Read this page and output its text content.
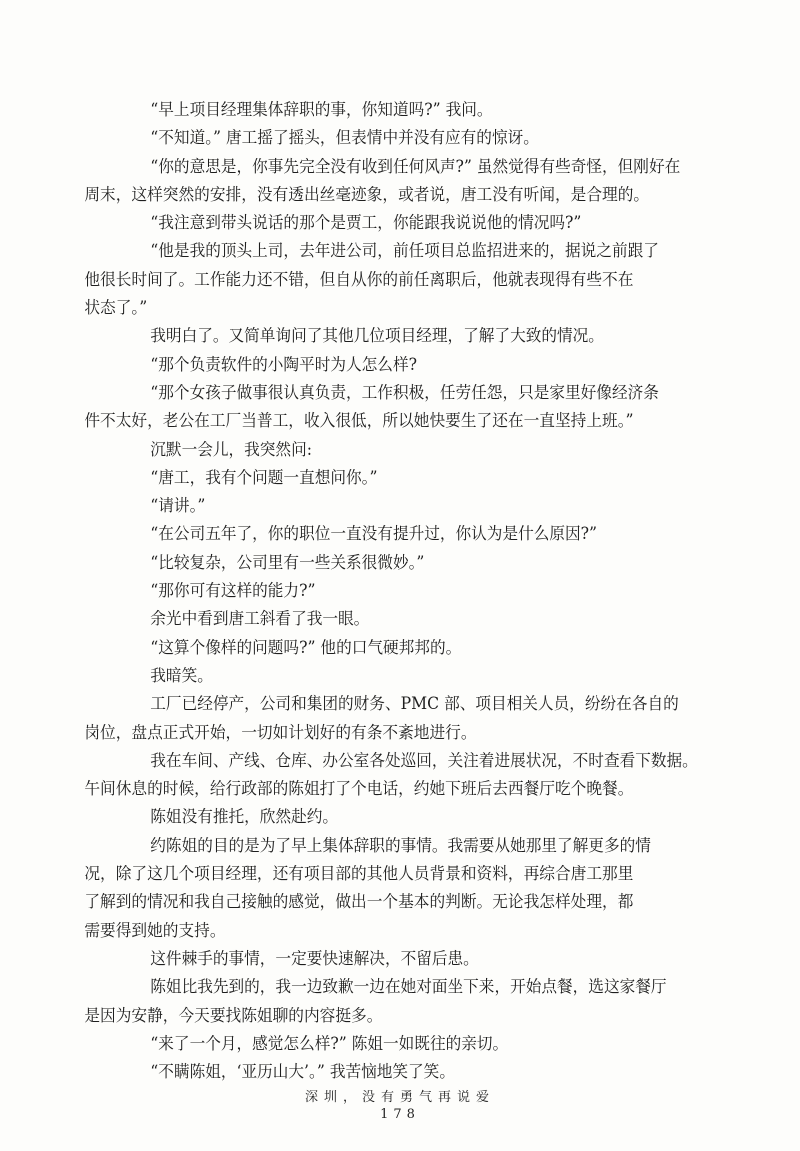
“早上项目经理集体辞职的事，你知道吗?” 我问。
“不知道。” 唐工摇了摇头，但表情中并没有应有的惊讶。
“你的意思是，你事先完全没有收到任何风声?” 虽然觉得有些奇怪，但刚好在周末，这样突然的安排，没有透出丝毫迹象，或者说，唐工没有听闻，是合理的。
“我注意到带头说话的那个是贾工，你能跟我说说他的情况吗?”
“他是我的顶头上司，去年进公司，前任项目总监招进来的，据说之前跟了他很长时间了。工作能力还不错，但自从你的前任离职后，他就表现得有些不在状态了。”
我明白了。又简单询问了其他几位项目经理，了解了大致的情况。
“那个负责软件的小陶平时为人怎么样?
“那个女孩子做事很认真负责，工作积极，任劳任怨，只是家里好像经济条件不太好，老公在工厂当普工，收入很低，所以她快要生了还在一直坚持上班。”
沉默一会儿，我突然问:
“唐工，我有个问题一直想问你。”
“请讲。”
“在公司五年了，你的职位一直没有提升过，你认为是什么原因?”
“比较复杂，公司里有一些关系很微妙。”
“那你可有这样的能力?”
余光中看到唐工斜看了我一眼。
“这算个像样的问题吗?” 他的口气硬邦邦的。
我暗笑。
工厂已经停产，公司和集团的财务、PMC 部、项目相关人员，纷纷在各自的岗位，盘点正式开始，一切如计划好的有条不紊地进行。
我在车间、产线、仓库、办公室各处巡回，关注着进展状况，不时查看下数据。午间休息的时候，给行政部的陈姐打了个电话，约她下班后去西餐厅吃个晚餐。
陈姐没有推托，欣然赴约。
约陈姐的目的是为了早上集体辞职的事情。我需要从她那里了解更多的情况，除了这几个项目经理，还有项目部的其他人员背景和资料，再综合唐工那里了解到的情况和我自己接触的感觉，做出一个基本的判断。无论我怎样处理，都需要得到她的支持。
这件棘手的事情，一定要快速解决，不留后患。
陈姐比我先到的，我一边致歉一边在她对面坐下来，开始点餐，选这家餐厅是因为安静，今天要找陈姐聊的内容挺多。
“来了一个月，感觉怎么样?” 陈姐一如既往的亲切。
“不瞒陈姐，‘亚历山大’。” 我苦恼地笑了笑。
深圳，没有勇气再说爱
178
